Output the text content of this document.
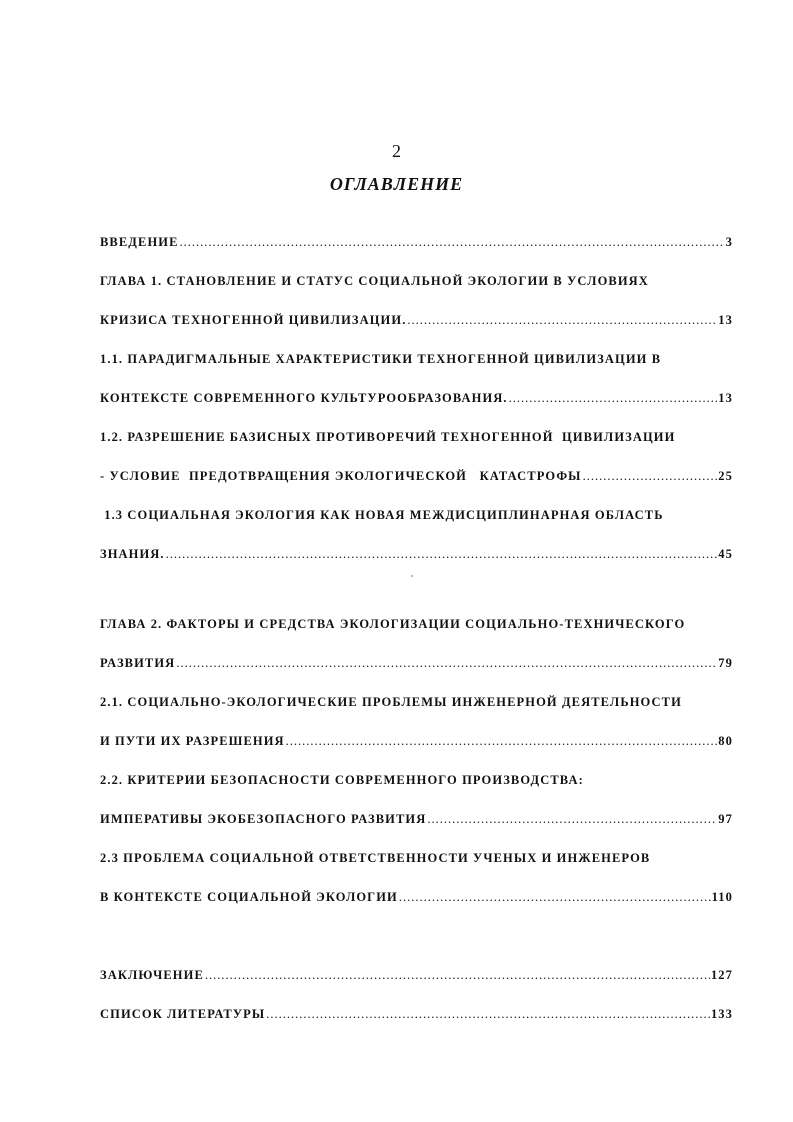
2
ОГЛАВЛЕНИЕ
ВВЕДЕНИЕ .....	3
ГЛАВА 1. СТАНОВЛЕНИЕ И СТАТУС СОЦИАЛЬНОЙ ЭКОЛОГИИ В УСЛОВИЯХ
КРИЗИСА ТЕХНОГЕННОЙ ЦИВИЛИЗАЦИИ. .....	13
1.1. ПАРАДИГМАЛЬНЫЕ ХАРАКТЕРИСТИКИ ТЕХНОГЕННОЙ ЦИВИЛИЗАЦИИ В
КОНТЕКСТЕ СОВРЕМЕННОГО КУЛЬТУРООБРАЗОВАНИЯ. .....	13
1.2. РАЗРЕШЕНИЕ БАЗИСНЫХ ПРОТИВОРЕЧИЙ ТЕХНОГЕННОЙ  ЦИВИЛИЗАЦИИ
- УСЛОВИЕ  ПРЕДОТВРАЩЕНИЯ ЭКОЛОГИЧЕСКОЙ   КАТАСТРОФЫ .....	25
1.3 СОЦИАЛЬНАЯ ЭКОЛОГИЯ КАК НОВАЯ МЕЖДИСЦИПЛИНАРНАЯ ОБЛАСТЬ
ЗНАНИЯ. .....	45
ГЛАВА 2. ФАКТОРЫ И СРЕДСТВА ЭКОЛОГИЗАЦИИ СОЦИАЛЬНО-ТЕХНИЧЕСКОГО
РАЗВИТИЯ .....	79
2.1. СОЦИАЛЬНО-ЭКОЛОГИЧЕСКИЕ ПРОБЛЕМЫ ИНЖЕНЕРНОЙ ДЕЯТЕЛЬНОСТИ
И ПУТИ ИХ РАЗРЕШЕНИЯ .....	80
2.2. КРИТЕРИИ БЕЗОПАСНОСТИ СОВРЕМЕННОГО ПРОИЗВОДСТВА:
ИМПЕРАТИВЫ ЭКОБЕЗОПАСНОГО РАЗВИТИЯ .....	97
2.3 ПРОБЛЕМА СОЦИАЛЬНОЙ ОТВЕТСТВЕННОСТИ УЧЕНЫХ И ИНЖЕНЕРОВ
В КОНТЕКСТЕ СОЦИАЛЬНОЙ ЭКОЛОГИИ .....	110
ЗАКЛЮЧЕНИЕ .....	127
СПИСОК ЛИТЕРАТУРЫ .....	133
